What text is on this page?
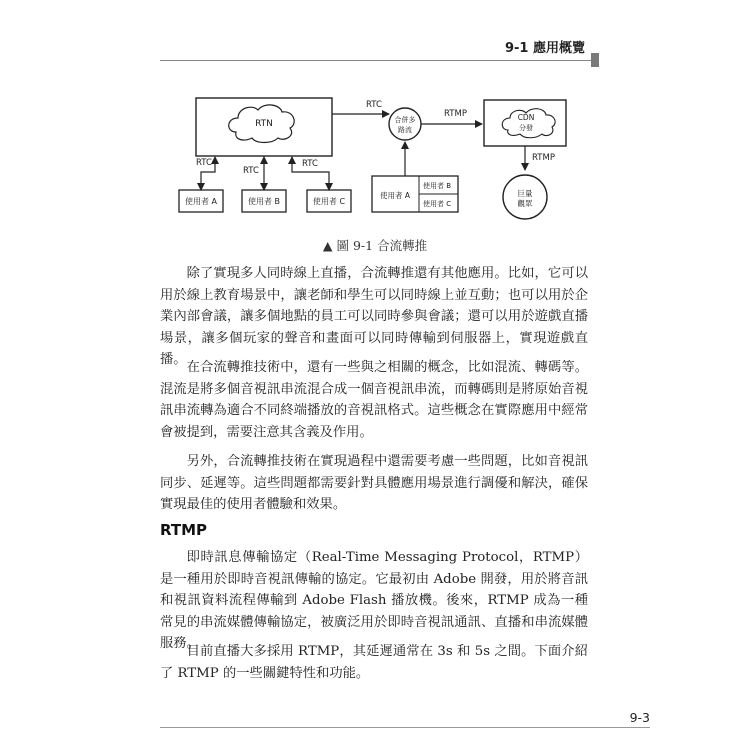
9-1 應用概覽
RTN
RTC
合併多
路流
RTMP	CDN
分發
RTMP
巨量
觀眾
使用者 A
使用者 B
使用者 C
使用者 A
RTC
使用者 B
RTC
使用者 C
RTC
▲ 圖 9-1 合流轉推

除了實現多人同時線上直播，合流轉推還有其他應用。比如，它可以用於線上教育場景中，讓老師和學生可以同時線上並互動；也可以用於企業內部會議，讓多個地點的員工可以同時參與會議；還可以用於遊戲直播場景，讓多個玩家的聲音和畫面可以同時傳輸到伺服器上，實現遊戲直播。

在合流轉推技術中，還有一些與之相關的概念，比如混流、轉碼等。混流是將多個音視訊串流混合成一個音視訊串流，而轉碼則是將原始音視訊串流轉為適合不同終端播放的音視訊格式。這些概念在實際應用中經常會被提到，需要注意其含義及作用。

另外，合流轉推技術在實現過程中還需要考慮一些問題，比如音視訊同步、延遲等。這些問題都需要針對具體應用場景進行調優和解決，確保實現最佳的使用者體驗和效果。

RTMP

即時訊息傳輸協定（Real-Time Messaging Protocol，RTMP）是一種用於即時音視訊傳輸的協定。它最初由 Adobe 開發，用於將音訊和視訊資料流程傳輸到 Adobe Flash 播放機。後來，RTMP 成為一種常見的串流媒體傳輸協定，被廣泛用於即時音視訊通訊、直播和串流媒體服務。

目前直播大多採用 RTMP，其延遲通常在 3s 和 5s 之間。下面介紹了 RTMP 的一些關鍵特性和功能。

9-3
